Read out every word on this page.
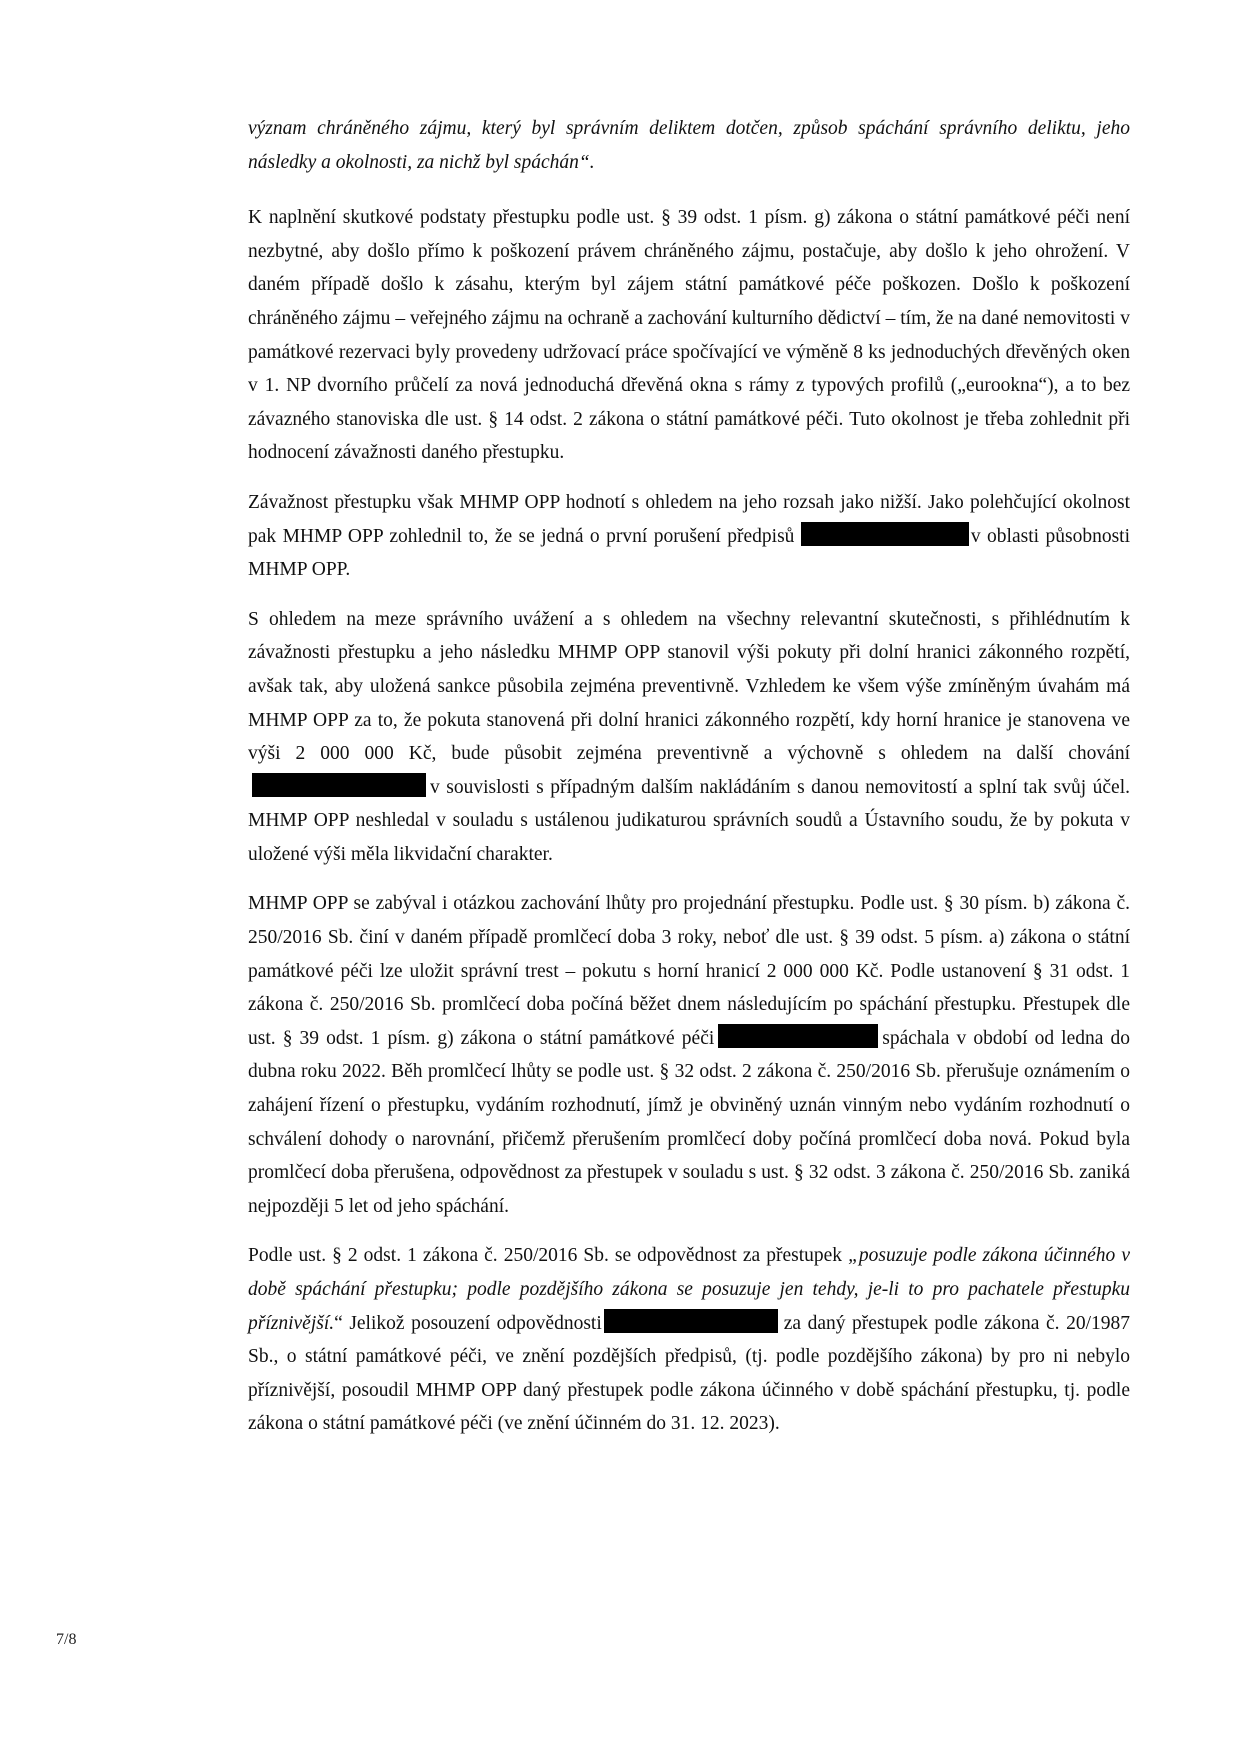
význam chráněného zájmu, který byl správním deliktem dotčen, způsob spáchání správního deliktu, jeho následky a okolnosti, za nichž byl spáchán“.

K naplnění skutkové podstaty přestupku podle ust. § 39 odst. 1 písm. g) zákona o státní památkové péči není nezbytné, aby došlo přímo k poškození právem chráněného zájmu, postačuje, aby došlo k jeho ohrožení. V daném případě došlo k zásahu, kterým byl zájem státní památkové péče poškozen. Došlo k poškození chráněného zájmu – veřejného zájmu na ochraně a zachování kulturního dědictví – tím, že na dané nemovitosti v památkové rezervaci byly provedeny udržovací práce spočívající ve výměně 8 ks jednoduchých dřevěných oken v 1. NP dvorního průčelí za nová jednoduchá dřevěná okna s rámy z typových profilů („eurookna“), a to bez závazného stanoviska dle ust. § 14 odst. 2 zákona o státní památkové péči. Tuto okolnost je třeba zohlednit při hodnocení závažnosti daného přestupku.

Závažnost přestupku však MHMP OPP hodnotí s ohledem na jeho rozsah jako nižší. Jako polehčující okolnost pak MHMP OPP zohlednil to, že se jedná o první porušení předpisů	v oblasti působnosti MHMP OPP.

S ohledem na meze správního uvážení a s ohledem na všechny relevantní skutečnosti, s přihlédnutím k závažnosti přestupku a jeho následku MHMP OPP stanovil výši pokuty při dolní hranici zákonného rozpětí, avšak tak, aby uložená sankce působila zejména preventivně. Vzhledem ke všem výše zmíněným úvahám má MHMP OPP za to, že pokuta stanovená při dolní hranici zákonného rozpětí, kdy horní hranice je stanovena ve výši 2 000 000 Kč, bude působit zejména preventivně a výchovně s ohledem na další chovánív souvislosti s případným dalším nakládáním s danou nemovitostí a splní tak svůj účel. MHMP OPP neshledal v souladu s ustálenou judikaturou správních soudů a Ústavního soudu, že by pokuta v uložené výši měla likvidační charakter.

MHMP OPP se zabýval i otázkou zachování lhůty pro projednání přestupku. Podle ust. § 30 písm. b) zákona č. 250/2016 Sb. činí v daném případě promlčecí doba 3 roky, neboť dle ust. § 39 odst. 5 písm. a) zákona o státní památkové péči lze uložit správní trest – pokutu s horní hranicí 2 000 000 Kč. Podle ustanovení § 31 odst. 1 zákona č. 250/2016 Sb. promlčecí doba počíná běžet dnem následujícím po spáchání přestupku. Přestupek dle ust. § 39 odst. 1 písm. g) zákona o státní památkové péči	spáchala v období od ledna do dubna roku 2022. Běh promlčecí lhůty se podle ust. § 32 odst. 2 zákona č. 250/2016 Sb. přerušuje oznámením o zahájení řízení o přestupku, vydáním rozhodnutí, jímž je obviněný uznán vinným nebo vydáním rozhodnutí o schválení dohody o narovnání, přičemž přerušením promlčecí doby počíná promlčecí doba nová. Pokud byla promlčecí doba přerušena, odpovědnost za přestupek v souladu s ust. § 32 odst. 3 zákona č. 250/2016 Sb. zaniká nejpozději 5 let od jeho spáchání.

Podle ust. § 2 odst. 1 zákona č. 250/2016 Sb. se odpovědnost za přestupek „posuzuje podle zákona účinného v době spáchání přestupku; podle pozdějšího zákona se posuzuje jen tehdy, je-li to pro pachatele přestupku příznivější.“ Jelikož posouzení odpovědnosti	za daný přestupek podle zákona č. 20/1987 Sb., o státní památkové péči, ve znění pozdějších předpisů, (tj. podle pozdějšího zákona) by pro ni nebylo příznivější, posoudil MHMP OPP daný přestupek podle zákona účinného v době spáchání přestupku, tj. podle zákona o státní památkové péči (ve znění účinném do 31. 12. 2023).

7/8
